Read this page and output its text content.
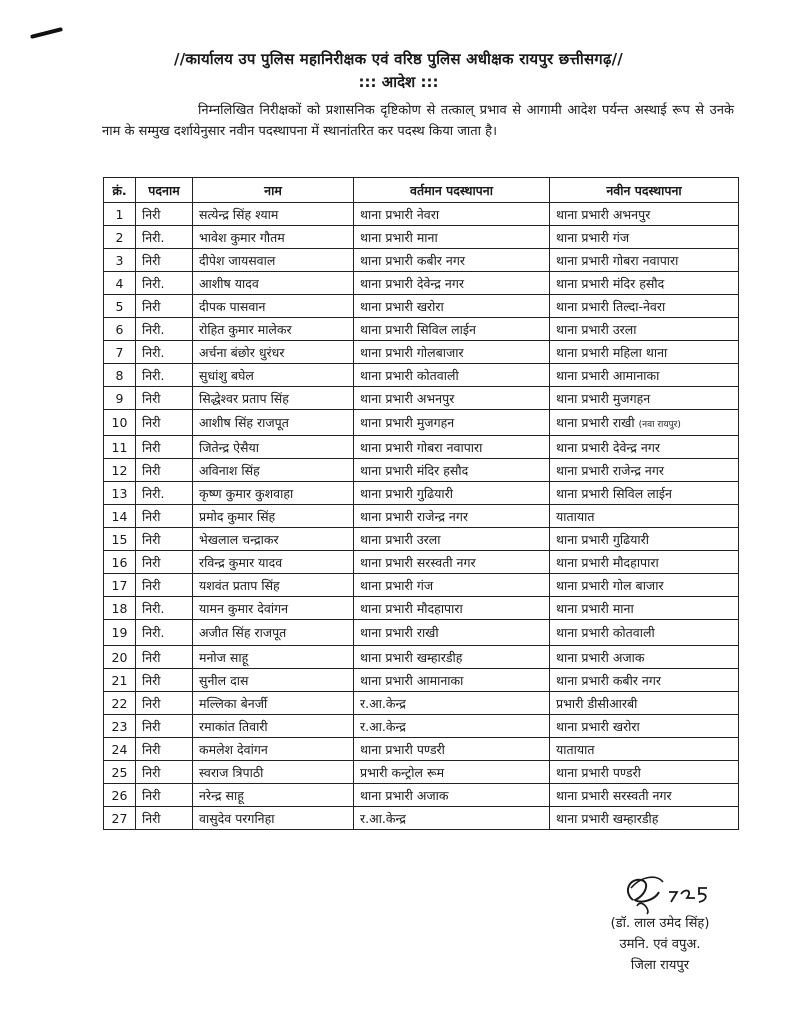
//कार्यालय उप पुलिस महानिरीक्षक एवं वरिष्ठ पुलिस अधीक्षक रायपुर छत्तीसगढ़//
::: आदेश :::
निम्नलिखित निरीक्षकों को प्रशासनिक दृष्टिकोण से तत्काल् प्रभाव से आगामी आदेश पर्यन्त अस्थाई रूप से उनके नाम के सम्मुख दर्शायेनुसार नवीन पदस्थापना में स्थानांतरित कर पदस्थ किया जाता है।
क्रं.	पदनाम	नाम	वर्तमान पदस्थापना	नवीन पदस्थापना
1	निरी	सत्येन्द्र सिंह श्याम	थाना प्रभारी नेवरा	थाना प्रभारी अभनपुर
2	निरी.	भावेश कुमार गौतम	थाना प्रभारी माना	थाना प्रभारी गंज
3	निरी	दीपेश जायसवाल	थाना प्रभारी कबीर नगर	थाना प्रभारी गोबरा नवापारा
4	निरी.	आशीष यादव	थाना प्रभारी देवेन्द्र नगर	थाना प्रभारी मंदिर हसौद
5	निरी	दीपक पासवान	थाना प्रभारी खरोरा	थाना प्रभारी तिल्दा-नेवरा
6	निरी.	रोहित कुमार मालेकर	थाना प्रभारी सिविल लाईन	थाना प्रभारी उरला
7	निरी.	अर्चना बंछोर धुरंधर	थाना प्रभारी गोलबाजार	थाना प्रभारी महिला थाना
8	निरी.	सुधांशु बघेल	थाना प्रभारी कोतवाली	थाना प्रभारी आमानाका
9	निरी	सिद्धेश्वर प्रताप सिंह	थाना प्रभारी अभनपुर	थाना प्रभारी मुजगहन
10	निरी	आशीष सिंह राजपूत	थाना प्रभारी मुजगहन	थाना प्रभारी राखी (नवा रायपुर)
11	निरी	जितेन्द्र ऐसैया	थाना प्रभारी गोबरा नवापारा	थाना प्रभारी देवेन्द्र नगर
12	निरी	अविनाश सिंह	थाना प्रभारी मंदिर हसौद	थाना प्रभारी राजेन्द्र नगर
13	निरी.	कृष्ण कुमार कुशवाहा	थाना प्रभारी गुढियारी	थाना प्रभारी सिविल लाईन
14	निरी	प्रमोद कुमार सिंह	थाना प्रभारी राजेन्द्र नगर	यातायात
15	निरी	भेखलाल चन्द्राकर	थाना प्रभारी उरला	थाना प्रभारी गुढियारी
16	निरी	रविन्द्र कुमार यादव	थाना प्रभारी सरस्वती नगर	थाना प्रभारी मौदहापारा
17	निरी	यशवंत प्रताप सिंह	थाना प्रभारी गंज	थाना प्रभारी गोल बाजार
18	निरी.	यामन कुमार देवांगन	थाना प्रभारी मौदहापारा	थाना प्रभारी माना
19	निरी.	अजीत सिंह राजपूत	थाना प्रभारी राखी	थाना प्रभारी कोतवाली
20	निरी	मनोज साहू	थाना प्रभारी खम्हारडीह	थाना प्रभारी अजाक
21	निरी	सुनील दास	थाना प्रभारी आमानाका	थाना प्रभारी कबीर नगर
22	निरी	मल्लिका बेनर्जी	र.आ.केन्द्र	प्रभारी डीसीआरबी
23	निरी	रमाकांत तिवारी	र.आ.केन्द्र	थाना प्रभारी खरोरा
24	निरी	कमलेश देवांगन	थाना प्रभारी पण्डरी	यातायात
25	निरी	स्वराज त्रिपाठी	प्रभारी कन्ट्रोल रूम	थाना प्रभारी पण्डरी
26	निरी	नरेन्द्र साहू	थाना प्रभारी अजाक	थाना प्रभारी सरस्वती नगर
27	निरी	वासुदेव परगनिहा	र.आ.केन्द्र	थाना प्रभारी खम्हारडीह
(डॉ. लाल उमेद सिंह)
उमनि. एवं वपुअ.
जिला रायपुर
